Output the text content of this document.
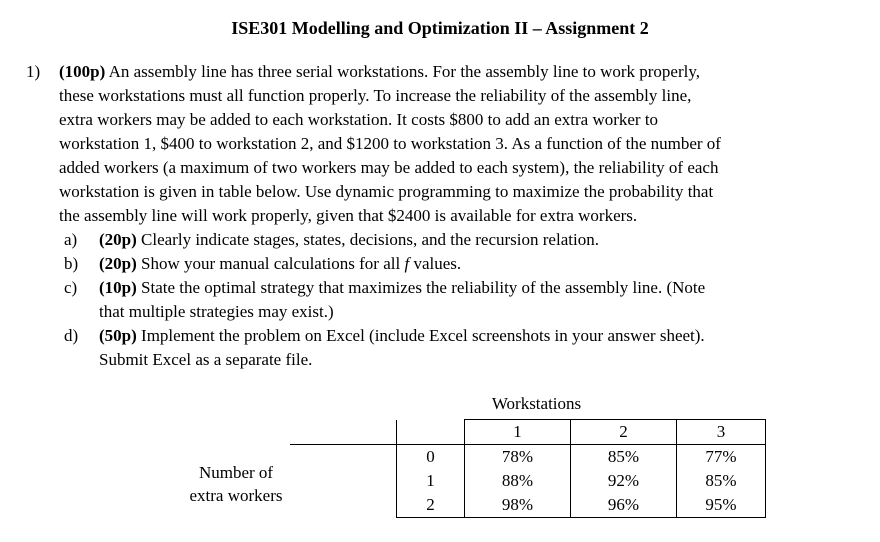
ISE301 Modelling and Optimization II – Assignment 2
1) (100p) An assembly line has three serial workstations. For the assembly line to work properly,
these workstations must all function properly. To increase the reliability of the assembly line,
extra workers may be added to each workstation. It costs $800 to add an extra worker to
workstation 1, $400 to workstation 2, and $1200 to workstation 3. As a function of the number of
added workers (a maximum of two workers may be added to each system), the reliability of each
workstation is given in table below. Use dynamic programming to maximize the probability that
the assembly line will work properly, given that $2400 is available for extra workers.
a) (20p) Clearly indicate stages, states, decisions, and the recursion relation.
b) (20p) Show your manual calculations for all f values.
c) (10p) State the optimal strategy that maximizes the reliability of the assembly line. (Note
that multiple strategies may exist.)
d) (50p) Implement the problem on Excel (include Excel screenshots in your answer sheet).
Submit Excel as a separate file.
Workstations
Number of
extra workers
		1	2	3
	0	78%	85%	77%
	1	88%	92%	85%
	2	98%	96%	95%
